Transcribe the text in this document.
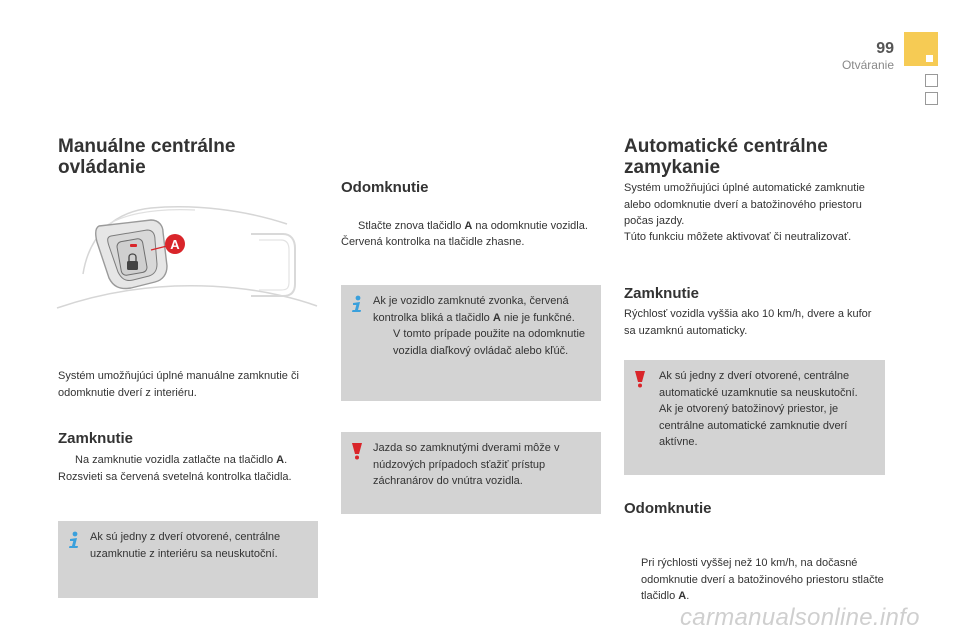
99
Otváranie
Manuálne centrálne ovládanie
A

Systém umožňujúci úplné manuálne zamknutie či odomknutie dverí z interiéru.

Zamknutie
Na zamknutie vozidla zatlačte na tlačidlo A.

Rozsvieti sa červená svetelná kontrolka tlačidla.

Ak sú jedny z dverí otvorené, centrálne uzamknutie z interiéru sa neuskutoční.

Odomknutie
Stlačte znova tlačidlo A na odomknutie vozidla.

Červená kontrolka na tlačidle zhasne.

Ak je vozidlo zamknuté zvonka, červená kontrolka bliká a tlačidlo A nie je funkčné.

V tomto prípade použite na odomknutie vozidla diaľkový ovládač alebo kľúč.

Jazda so zamknutými dverami môže v núdzových prípadoch sťažiť prístup záchranárov do vnútra vozidla.

Automatické centrálne zamykanie

Systém umožňujúci úplné automatické zamknutie alebo odomknutie dverí a batožinového priestoru počas jazdy.

Túto funkciu môžete aktivovať či neutralizovať.

Zamknutie

Rýchlosť vozidla vyššia ako 10 km/h, dvere a kufor sa uzamknú automaticky.

Ak sú jedny z dverí otvorené, centrálne automatické uzamknutie sa neuskutoční.

Ak je otvorený batožinový priestor, je centrálne automatické zamknutie dverí aktívne.

Odomknutie
Pri rýchlosti vyššej než 10 km/h, na dočasné odomknutie dverí a batožinového priestoru stlačte tlačidlo A.
carmanualsonline.info
